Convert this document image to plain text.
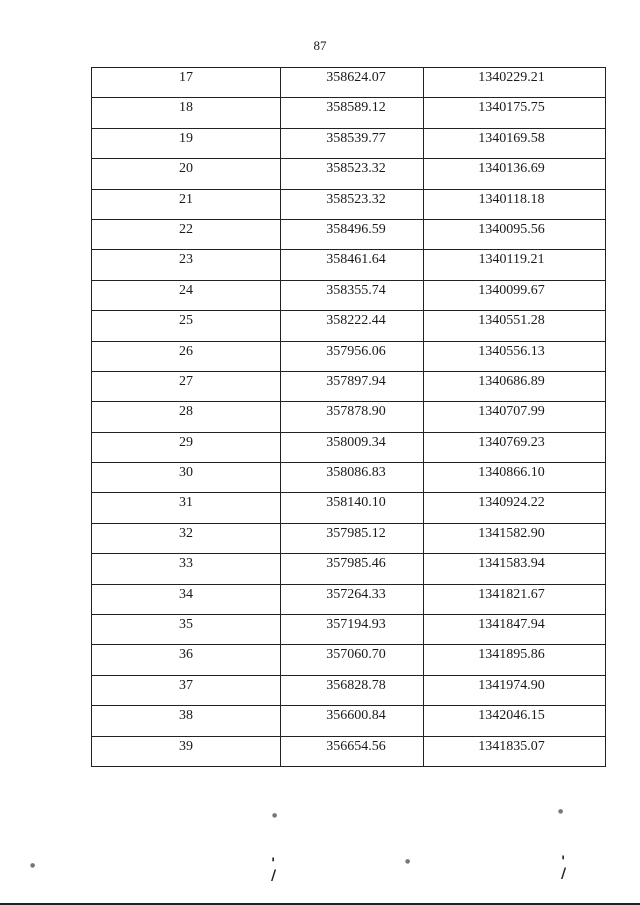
87
17	358624.07	1340229.21
18	358589.12	1340175.75
19	358539.77	1340169.58
20	358523.32	1340136.69
21	358523.32	1340118.18
22	358496.59	1340095.56
23	358461.64	1340119.21
24	358355.74	1340099.67
25	358222.44	1340551.28
26	357956.06	1340556.13
27	357897.94	1340686.89
28	357878.90	1340707.99
29	358009.34	1340769.23
30	358086.83	1340866.10
31	358140.10	1340924.22
32	357985.12	1341582.90
33	357985.46	1341583.94
34	357264.33	1341821.67
35	357194.93	1341847.94
36	357060.70	1341895.86
37	356828.78	1341974.90
38	356600.84	1342046.15
39	356654.56	1341835.07
●
●
●
●	'
/
'
/
